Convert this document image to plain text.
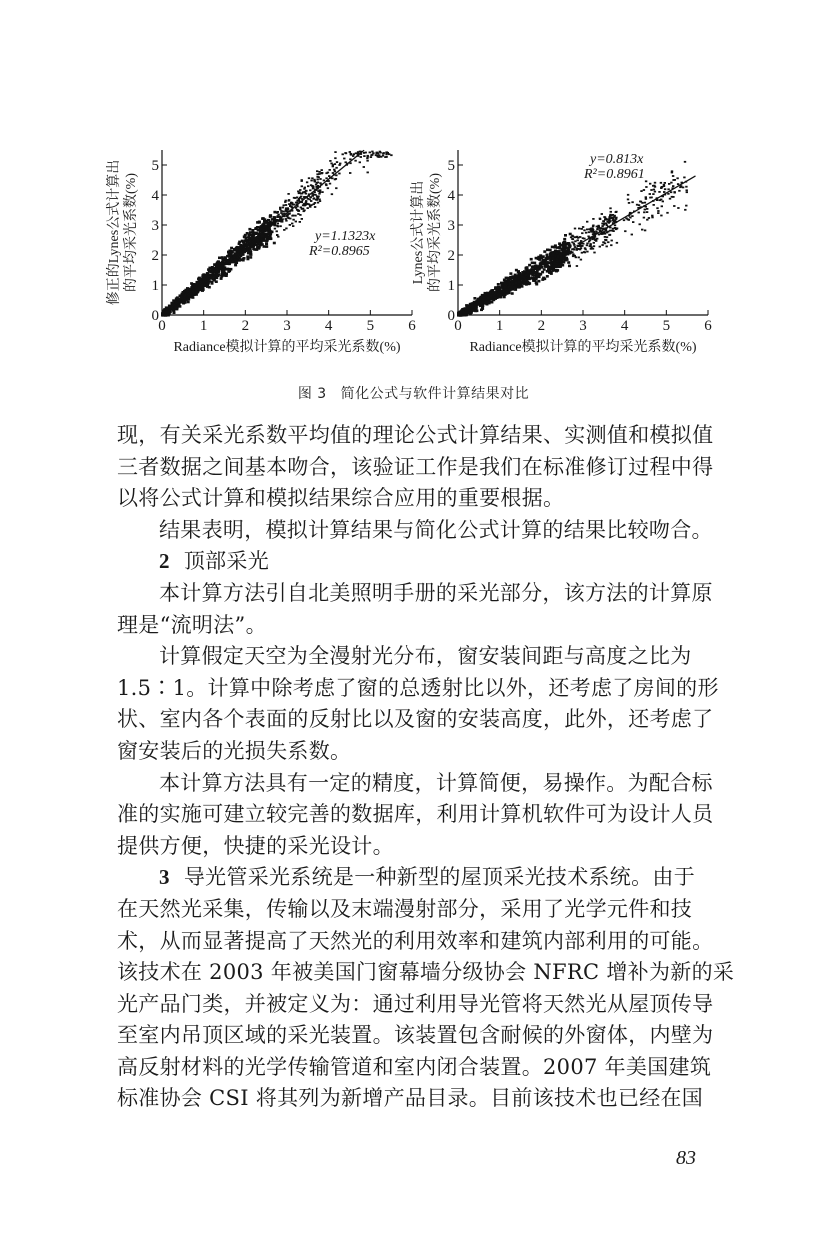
0 1 2 3 4 5 6
0
1
2
3
4
5
Radiance模拟计算的平均采光系数(%)
修正的Lynes公式计算出 的平均采光系数(%)	y=1.1323x
R²=0.8965
0 1 2 3 4 5 6
0
1
2
3
4
5
Radiance模拟计算的平均采光系数(%)
Lynes公式计算出 的平均采光系数(%)
y=0.813x
R²=0.8961
图 3 简化公式与软件计算结果对比

现，有关采光系数平均值的理论公式计算结果、实测值和模拟值

三者数据之间基本吻合，该验证工作是我们在标准修订过程中得

以将公式计算和模拟结果综合应用的重要根据。

结果表明，模拟计算结果与简化公式计算的结果比较吻合。

2 顶部采光

本计算方法引自北美照明手册的采光部分，该方法的计算原

理是“流明法”。

计算假定天空为全漫射光分布，窗安装间距与高度之比为

1.5∶1。计算中除考虑了窗的总透射比以外，还考虑了房间的形

状、室内各个表面的反射比以及窗的安装高度，此外，还考虑了

窗安装后的光损失系数。

本计算方法具有一定的精度，计算简便，易操作。为配合标

准的实施可建立较完善的数据库，利用计算机软件可为设计人员

提供方便，快捷的采光设计。

3 导光管采光系统是一种新型的屋顶采光技术系统。由于

在天然光采集，传输以及末端漫射部分，采用了光学元件和技

术，从而显著提高了天然光的利用效率和建筑内部利用的可能。

该技术在 2003 年被美国门窗幕墙分级协会 NFRC 增补为新的采

光产品门类，并被定义为：通过利用导光管将天然光从屋顶传导

至室内吊顶区域的采光装置。该装置包含耐候的外窗体，内壁为

高反射材料的光学传输管道和室内闭合装置。2007 年美国建筑

标准协会 CSI 将其列为新增产品目录。目前该技术也已经在国

83
